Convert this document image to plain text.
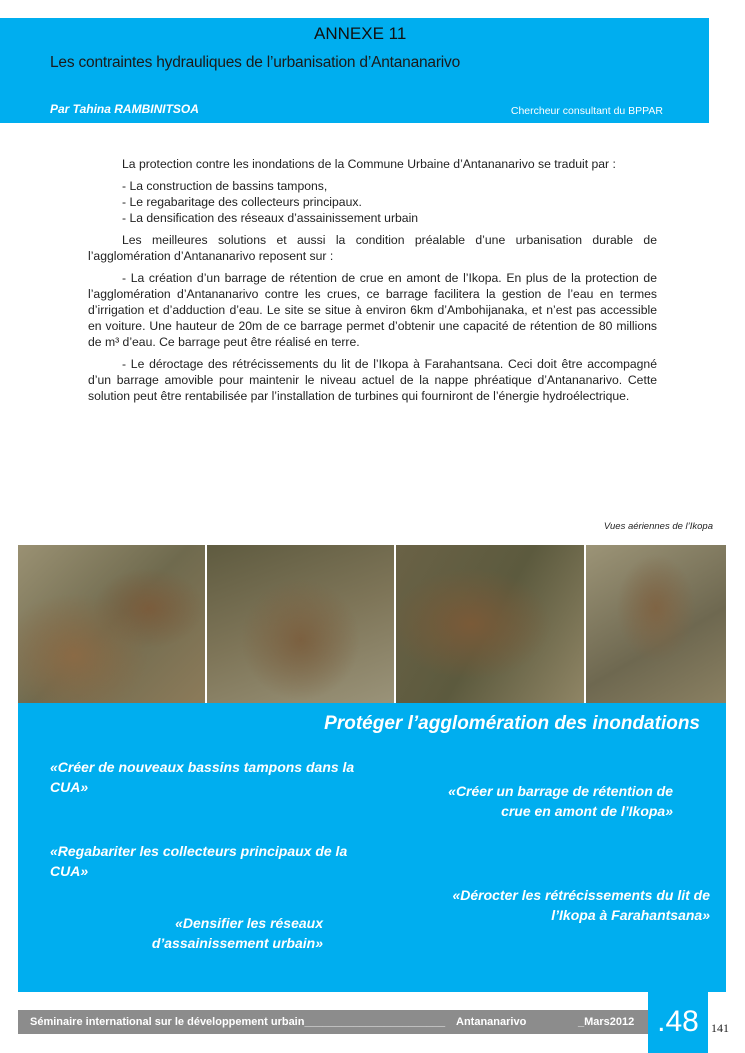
Les contraintes hydrauliques de l’urbanisation d’Antananarivo
Par Tahina RAMBINITSOA	Chercheur consultant du BPPAR
ANNEXE 11

La protection contre les inondations de la Commune Urbaine d’Antananarivo se traduit par :

- La construction de bassins tampons,
- Le regabaritage des collecteurs principaux.
- La densification des réseaux d’assainissement urbain

Les meilleures solutions et aussi la condition préalable d’une urbanisation durable de l’agglomération d’Antananarivo reposent sur :

- La création d’un barrage de rétention de crue en amont de l’Ikopa. En plus de la protection de l’agglomération d’Antananarivo contre les crues, ce barrage facilitera la gestion de l’eau en termes d’irrigation et d’adduction d’eau. Le site se situe à environ 6km d’Ambohijanaka, et n’est pas accessible en voiture. Une hauteur de 20m de ce barrage permet d’obtenir une capacité de rétention de 80 millions de m³ d’eau. Ce barrage peut être réalisé en terre.

- Le déroctage des rétrécissements du lit de l’Ikopa à Farahantsana. Ceci doit être accompagné d’un barrage amovible pour maintenir le niveau actuel de la nappe phréatique d’Antananarivo. Cette solution peut être rentabilisée par l’installation de turbines qui fourniront de l’énergie hydroélectrique.

Vues aériennes de l’Ikopa
Protéger l’agglomération des inondations
«Créer de nouveaux bassins tampons dans la CUA»
«Regabariter les collecteurs principaux de la CUA»
«Densifier les réseaux d’assainissement urbain»
«Créer un barrage de rétention de crue en amont de l’Ikopa»
«Dérocter les rétrécissements du lit de l’Ikopa à Farahantsana»
Séminaire international sur le développement urbain_______________________ Antananarivo	_Mars2012 .48	141
